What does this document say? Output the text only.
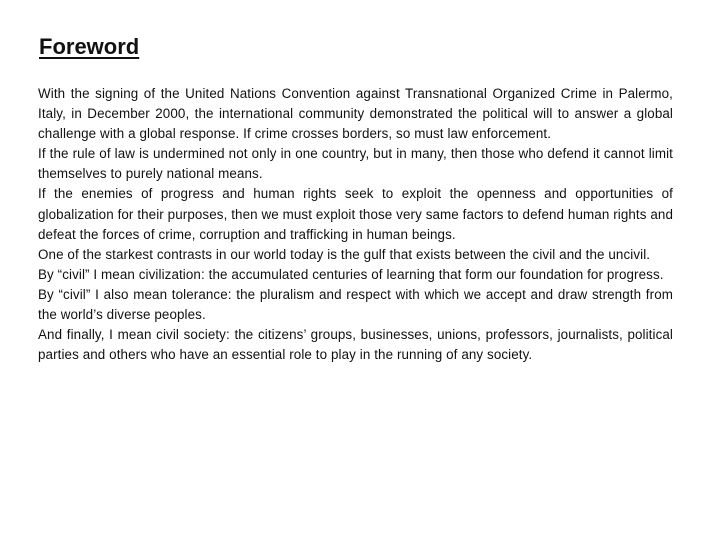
Foreword

With the signing of the United Nations Convention against Transnational Organized Crime in Palermo, Italy, in December 2000, the international community demonstrated the political will to answer a global challenge with a global response. If crime crosses borders, so must law enforcement.

If the rule of law is undermined not only in one country, but in many, then those who defend it cannot limit themselves to purely national means.

If the enemies of progress and human rights seek to exploit the openness and opportunities of globalization for their purposes, then we must exploit those very same factors to defend human rights and defeat the forces of crime, corruption and trafficking in human beings.

One of the starkest contrasts in our world today is the gulf that exists between the civil and the uncivil.

By “civil” I mean civilization: the accumulated centuries of learning that form our foundation for progress.

By “civil” I also mean tolerance: the pluralism and respect with which we accept and draw strength from the world’s diverse peoples.

And finally, I mean civil society: the citizens’ groups, businesses, unions, professors, journalists, political parties and others who have an essential role to play in the running of any society.
